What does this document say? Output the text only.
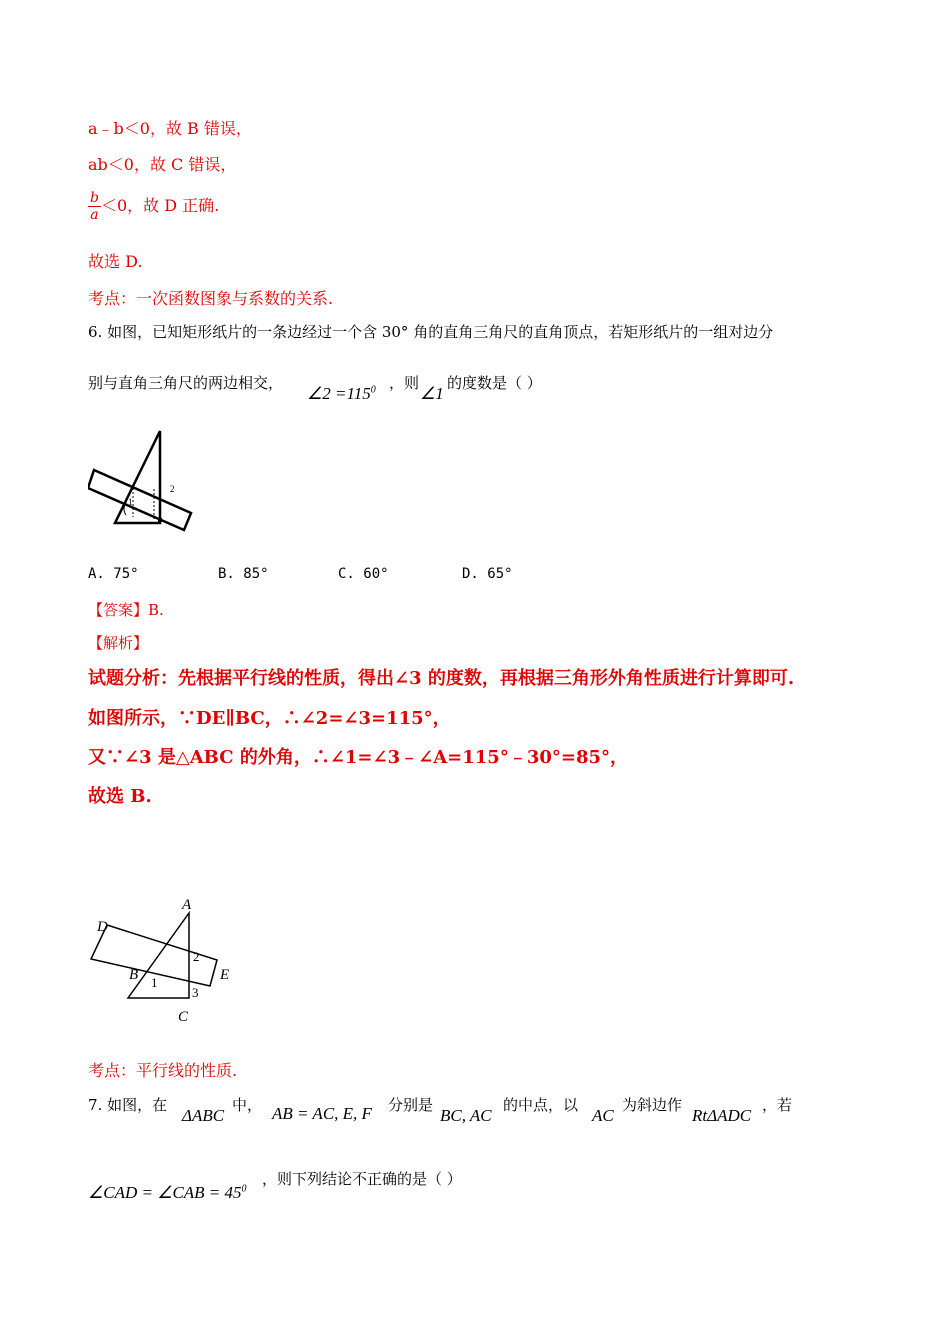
a﹣b＜0，故 B 错误，
ab＜0，故 C 错误，
$\frac{b}{a} <0$，故 D 正确.
故选 D.
考点：一次函数图象与系数的关系.
6. 如图，已知矩形纸片的一条边经过一个含 30° 角的直角三角尺的直角顶点，若矩形纸片的一组对边分
别与直角三角尺的两边相交，
∠2 $=115^0$ ，则
∠1
的度数是（ ）
1
2
A. 75°	B. 85°	C. 60°	D. 65°
【答案】B.
【解析】
试题分析：先根据平行线的性质，得出∠3 的度数，再根据三角形外角性质进行计算即可.
如图所示，∵DE∥BC，∴∠2=∠3=115°，
又∵∠3 是△ABC 的外角，∴∠1=∠3﹣∠A=115°﹣30°=85°，
故选 B.
A
D
B	E
C
1
2
3
考点：平行线的性质.
7. 如图，在
ΔABC
中， AB = AC, E, F 分别是
BC, AC
的中点，以
AC
为斜边作
RtΔADC
，若
∠CAD = ∠CAB = $45^0$
，则下列结论不正确的是（ ）
